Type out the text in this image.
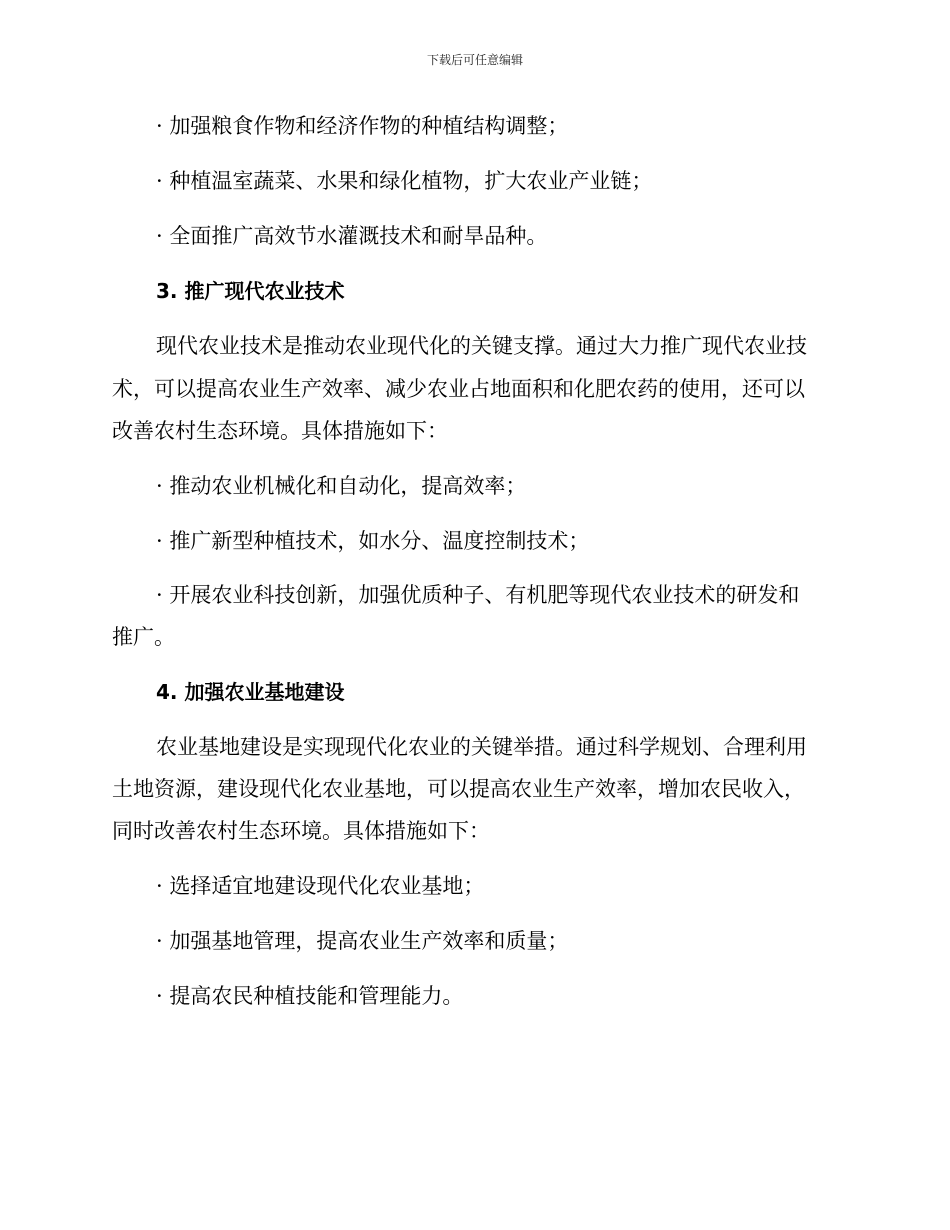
下载后可任意编辑
· 加强粮食作物和经济作物的种植结构调整；
· 种植温室蔬菜、水果和绿化植物，扩大农业产业链；
· 全面推广高效节水灌溉技术和耐旱品种。
3. 推广现代农业技术
现代农业技术是推动农业现代化的关键支撑。通过大力推广现代农业技
术，可以提高农业生产效率、减少农业占地面积和化肥农药的使用，还可以
改善农村生态环境。具体措施如下：
· 推动农业机械化和自动化，提高效率；
· 推广新型种植技术，如水分、温度控制技术；
· 开展农业科技创新，加强优质种子、有机肥等现代农业技术的研发和
推广。
4. 加强农业基地建设
农业基地建设是实现现代化农业的关键举措。通过科学规划、合理利用
土地资源，建设现代化农业基地，可以提高农业生产效率，增加农民收入，
同时改善农村生态环境。具体措施如下：
· 选择适宜地建设现代化农业基地；
· 加强基地管理，提高农业生产效率和质量；
· 提高农民种植技能和管理能力。
